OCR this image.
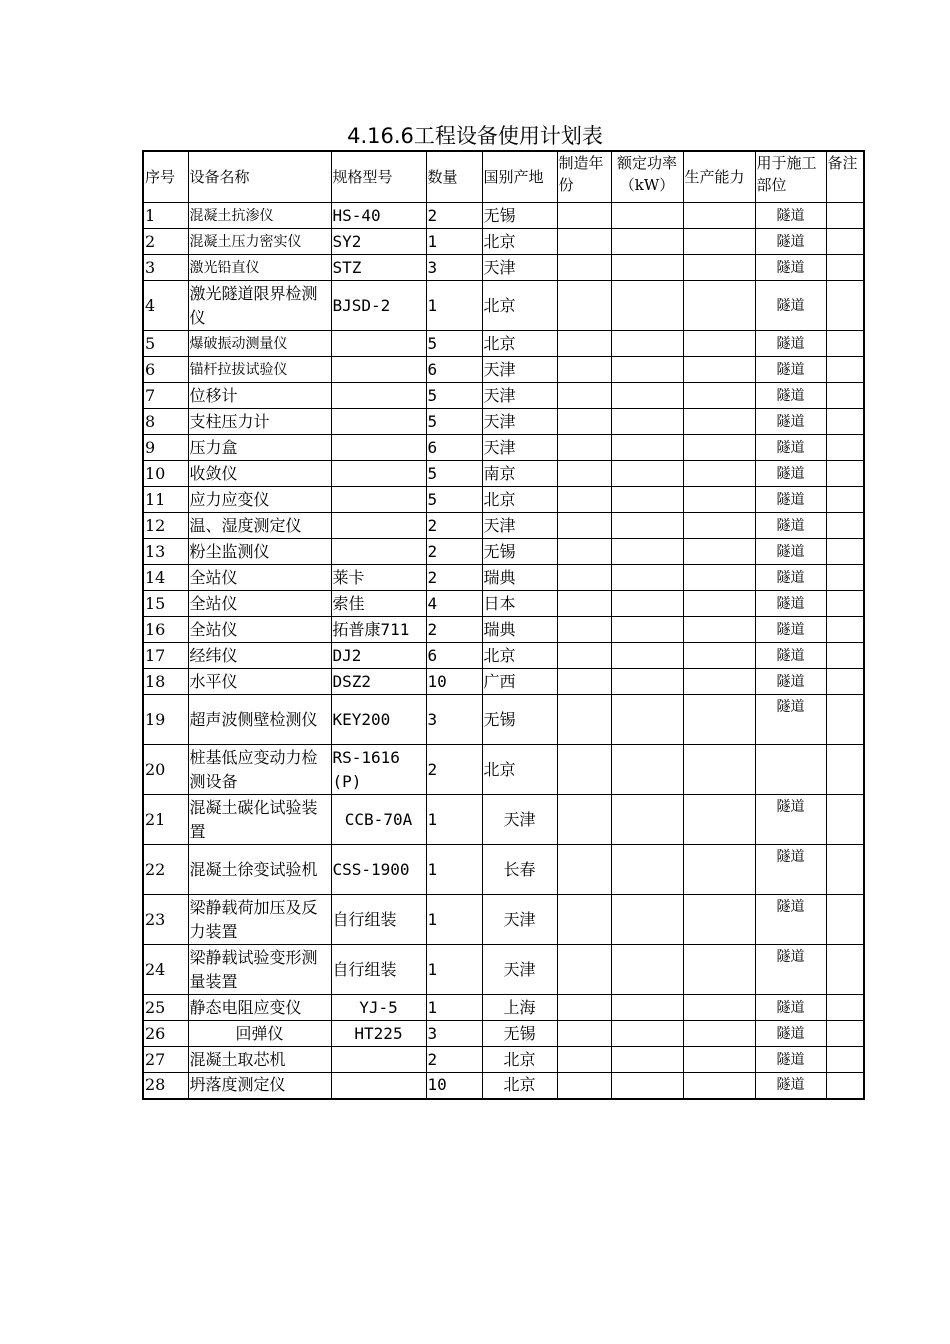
4.16.6工程设备使用计划表
序号	设备名称	规格型号	数量	国别产地	制造年份	额定功率（kW）	生产能力	用于施工部位	备注
1	混凝土抗渗仪	HS-40	2	无锡				隧道	
2	混凝土压力密实仪	SY2	1	北京				隧道	
3	激光铅直仪	STZ	3	天津				隧道	
4	激光隧道限界检测仪	BJSD-2	1	北京				隧道	
5	爆破振动测量仪		5	北京				隧道	
6	锚杆拉拔试验仪		6	天津				隧道	
7	位移计		5	天津				隧道	
8	支柱压力计		5	天津				隧道	
9	压力盒		6	天津				隧道	
10	收敛仪		5	南京				隧道	
11	应力应变仪		5	北京				隧道	
12	温、湿度测定仪		2	天津				隧道	
13	粉尘监测仪		2	无锡				隧道	
14	全站仪	莱卡	2	瑞典				隧道	
15	全站仪	索佳	4	日本				隧道	
16	全站仪	拓普康711	2	瑞典				隧道	
17	经纬仪	DJ2	6	北京				隧道	
18	水平仪	DSZ2	10	广西				隧道	
19	超声波侧壁检测仪	KEY200	3	无锡				隧道	
20	桩基低应变动力检测设备	RS-1616(P)	2	北京					
21	混凝土碳化试验装置	CCB-70A	1	天津				隧道	
22	混凝土徐变试验机	CSS-1900	1	长春				隧道	
23	梁静载荷加压及反力装置	自行组装	1	天津				隧道	
24	梁静载试验变形测量装置	自行组装	1	天津				隧道	
25	静态电阻应变仪	YJ-5	1	上海				隧道	
26	回弹仪	HT225	3	无锡				隧道	
27	混凝土取芯机		2	北京				隧道	
28	坍落度测定仪		10	北京				隧道	
